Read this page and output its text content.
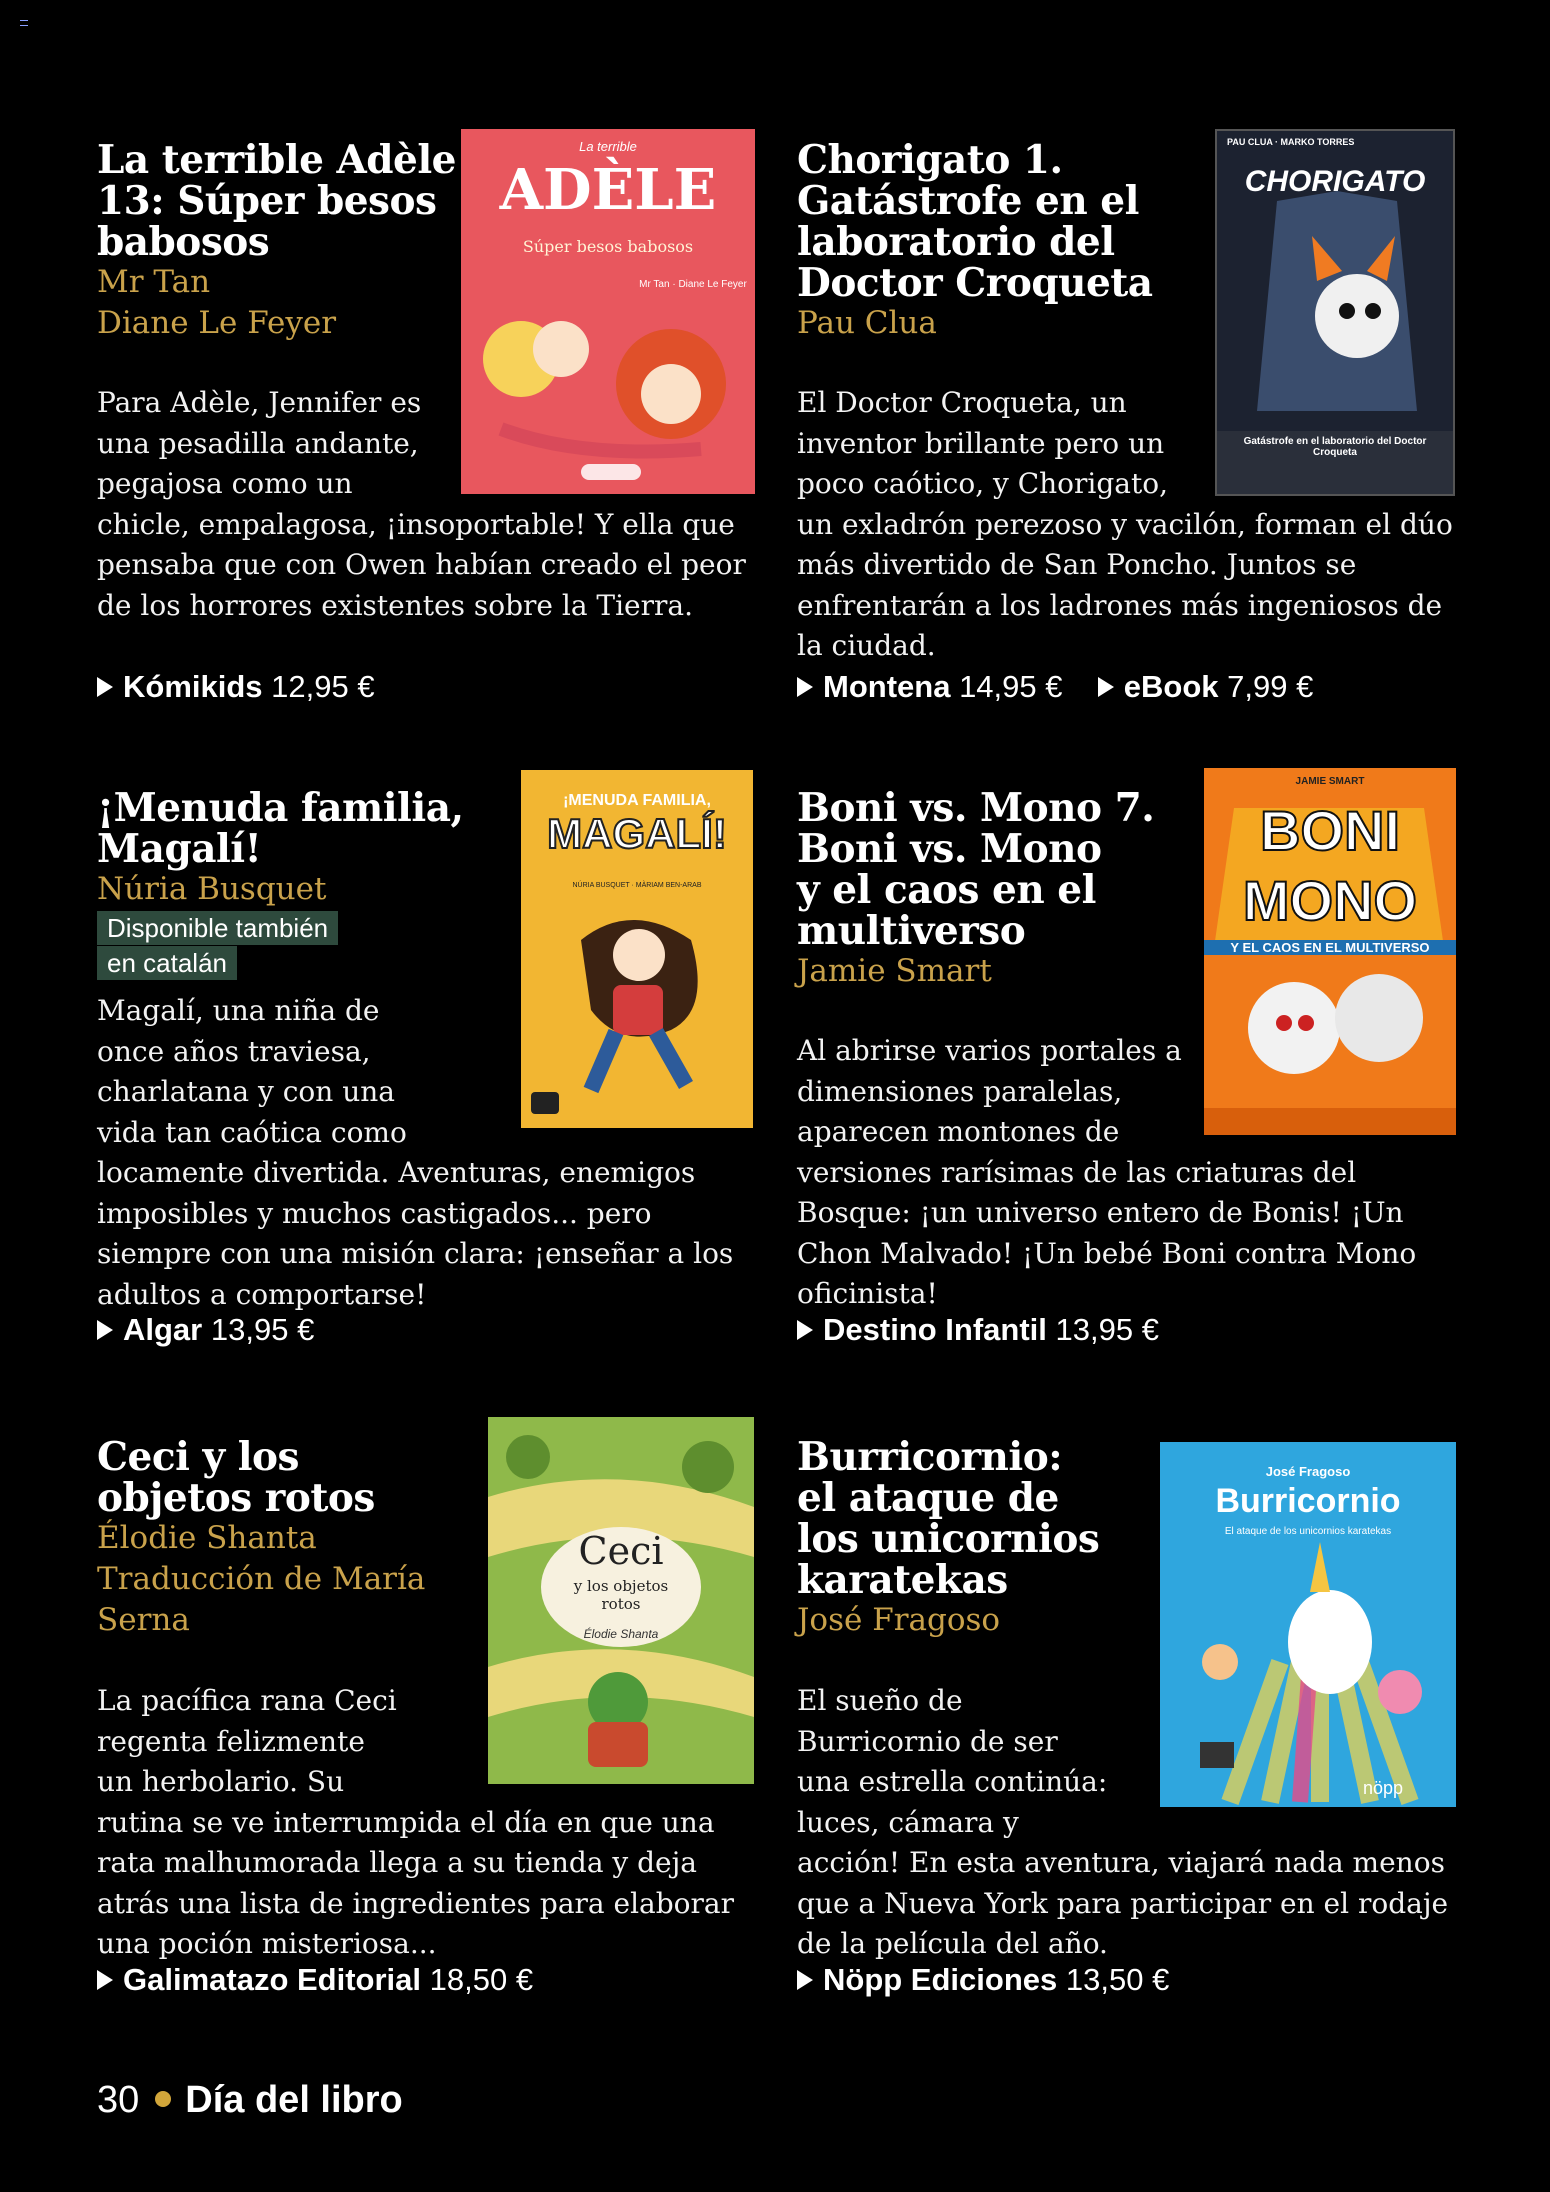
La terrible
ADÈLE
Súper besos babosos
Mr Tan · Diane Le Feyer
La terrible Adèle
13: Súper besos
babosos
Mr Tan
Diane Le Feyer

Para Adèle, Jennifer es una pesadilla andante, pegajosa como un chicle, empalagosa, ¡insoportable! Y ella que pensaba que con Owen habían creado el peor de los horrores existentes sobre la Tierra.

Kómikids 12,95 €
PAU CLUA · MARKO TORRES
CHORIGATO
Gatástrofe en el laboratorio del Doctor Croqueta
Chorigato 1.
Gatástrofe en el
laboratorio del
Doctor Croqueta
Pau Clua

El Doctor Croqueta, un inventor brillante pero un poco caótico, y Chorigato, un exladrón perezoso y vacilón, forman el dúo más divertido de San Poncho. Juntos se enfrentarán a los ladrones más ingeniosos de la ciudad.

Montena 14,95 € eBook 7,99 €
¡MENUDA FAMILIA,
MAGALÍ!
NÚRIA BUSQUET · MÀRIAM BEN-ARAB
¡Menuda familia,
Magalí!
Núria Busquet
Disponible también
en catalán

Magalí, una niña de once años traviesa, charlatana y con una vida tan caótica como locamente divertida. Aventuras, enemigos imposibles y muchos castigados... pero siempre con una misión clara: ¡enseñar a los adultos a comportarse!

Algar 13,95 €
JAMIE SMART
BONI
MONO
Y EL CAOS EN EL MULTIVERSO
Boni vs. Mono 7.
Boni vs. Mono
y el caos en el
multiverso
Jamie Smart

Al abrirse varios portales a dimensiones paralelas, aparecen montones de versiones rarísimas de las criaturas del Bosque: ¡un universo entero de Bonis! ¡Un Chon Malvado! ¡Un bebé Boni contra Mono oficinista!

Destino Infantil 13,95 €
Ceci
y los objetos rotos
Élodie Shanta
Ceci y los
objetos rotos
Élodie Shanta
Traducción de María
Serna

La pacífica rana Ceci regenta felizmente un herbolario. Su rutina se ve interrumpida el día en que una rata malhumorada llega a su tienda y deja atrás una lista de ingredientes para elaborar una poción misteriosa...

Galimatazo Editorial 18,50 €
José Fragoso
Burricornio
El ataque de los unicornios karatekas
nöpp
Burricornio:
el ataque de
los unicornios
karatekas
José Fragoso

El sueño de Burricornio de ser una estrella continúa: luces, cámara y acción! En esta aventura, viajará nada menos que a Nueva York para participar en el rodaje de la película del año.

Nöpp Ediciones 13,50 €
30 Día del libro
